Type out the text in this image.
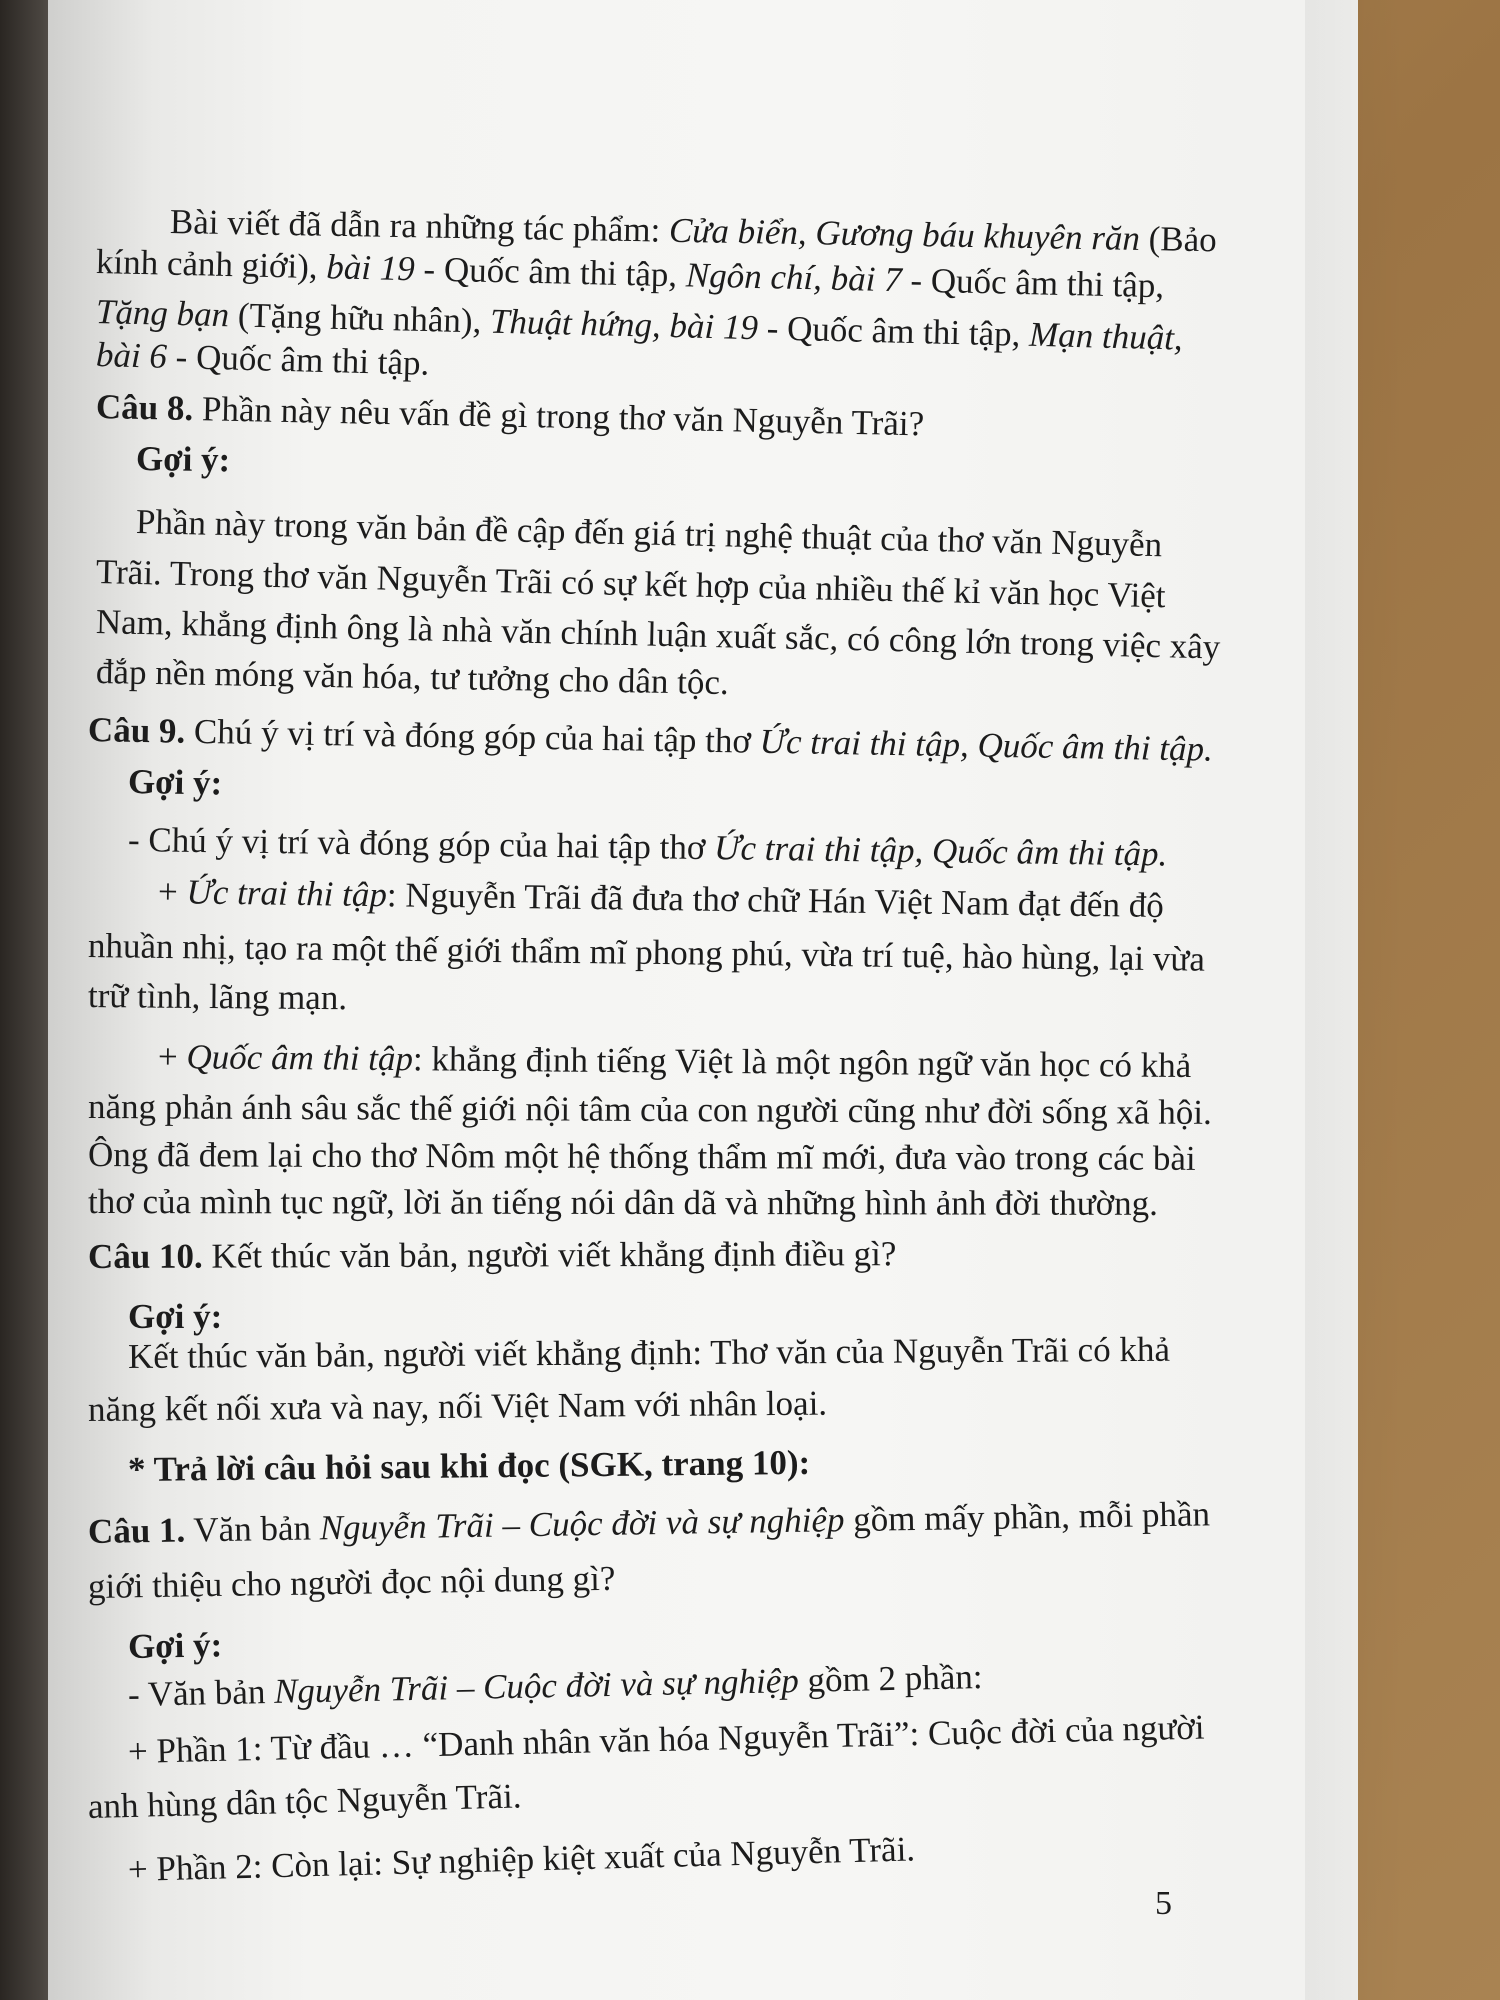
Bài viết đã dẫn ra những tác phẩm: Cửa biển, Gương báu khuyên răn (Bảo
kính cảnh giới), bài 19 - Quốc âm thi tập, Ngôn chí, bài 7 - Quốc âm thi tập,
Tặng bạn (Tặng hữu nhân), Thuật hứng, bài 19 - Quốc âm thi tập, Mạn thuật,
bài 6 - Quốc âm thi tập.
Câu 8. Phần này nêu vấn đề gì trong thơ văn Nguyễn Trãi?
Gợi ý:
Phần này trong văn bản đề cập đến giá trị nghệ thuật của thơ văn Nguyễn
Trãi. Trong thơ văn Nguyễn Trãi có sự kết hợp của nhiều thế kỉ văn học Việt
Nam, khẳng định ông là nhà văn chính luận xuất sắc, có công lớn trong việc xây
đắp nền móng văn hóa, tư tưởng cho dân tộc.
Câu 9. Chú ý vị trí và đóng góp của hai tập thơ Ức trai thi tập, Quốc âm thi tập.
Gợi ý:
- Chú ý vị trí và đóng góp của hai tập thơ Ức trai thi tập, Quốc âm thi tập.
+ Ức trai thi tập: Nguyễn Trãi đã đưa thơ chữ Hán Việt Nam đạt đến độ
nhuần nhị, tạo ra một thế giới thẩm mĩ phong phú, vừa trí tuệ, hào hùng, lại vừa
trữ tình, lãng mạn.
+ Quốc âm thi tập: khẳng định tiếng Việt là một ngôn ngữ văn học có khả
năng phản ánh sâu sắc thế giới nội tâm của con người cũng như đời sống xã hội.
Ông đã đem lại cho thơ Nôm một hệ thống thẩm mĩ mới, đưa vào trong các bài
thơ của mình tục ngữ, lời ăn tiếng nói dân dã và những hình ảnh đời thường.
Câu 10. Kết thúc văn bản, người viết khẳng định điều gì?
Gợi ý:
Kết thúc văn bản, người viết khẳng định: Thơ văn của Nguyễn Trãi có khả
năng kết nối xưa và nay, nối Việt Nam với nhân loại.
* Trả lời câu hỏi sau khi đọc (SGK, trang 10):
Câu 1. Văn bản Nguyễn Trãi – Cuộc đời và sự nghiệp gồm mấy phần, mỗi phần
giới thiệu cho người đọc nội dung gì?
Gợi ý:
- Văn bản Nguyễn Trãi – Cuộc đời và sự nghiệp gồm 2 phần:
+ Phần 1: Từ đầu … “Danh nhân văn hóa Nguyễn Trãi”: Cuộc đời của người
anh hùng dân tộc Nguyễn Trãi.
+ Phần 2: Còn lại: Sự nghiệp kiệt xuất của Nguyễn Trãi.
5
